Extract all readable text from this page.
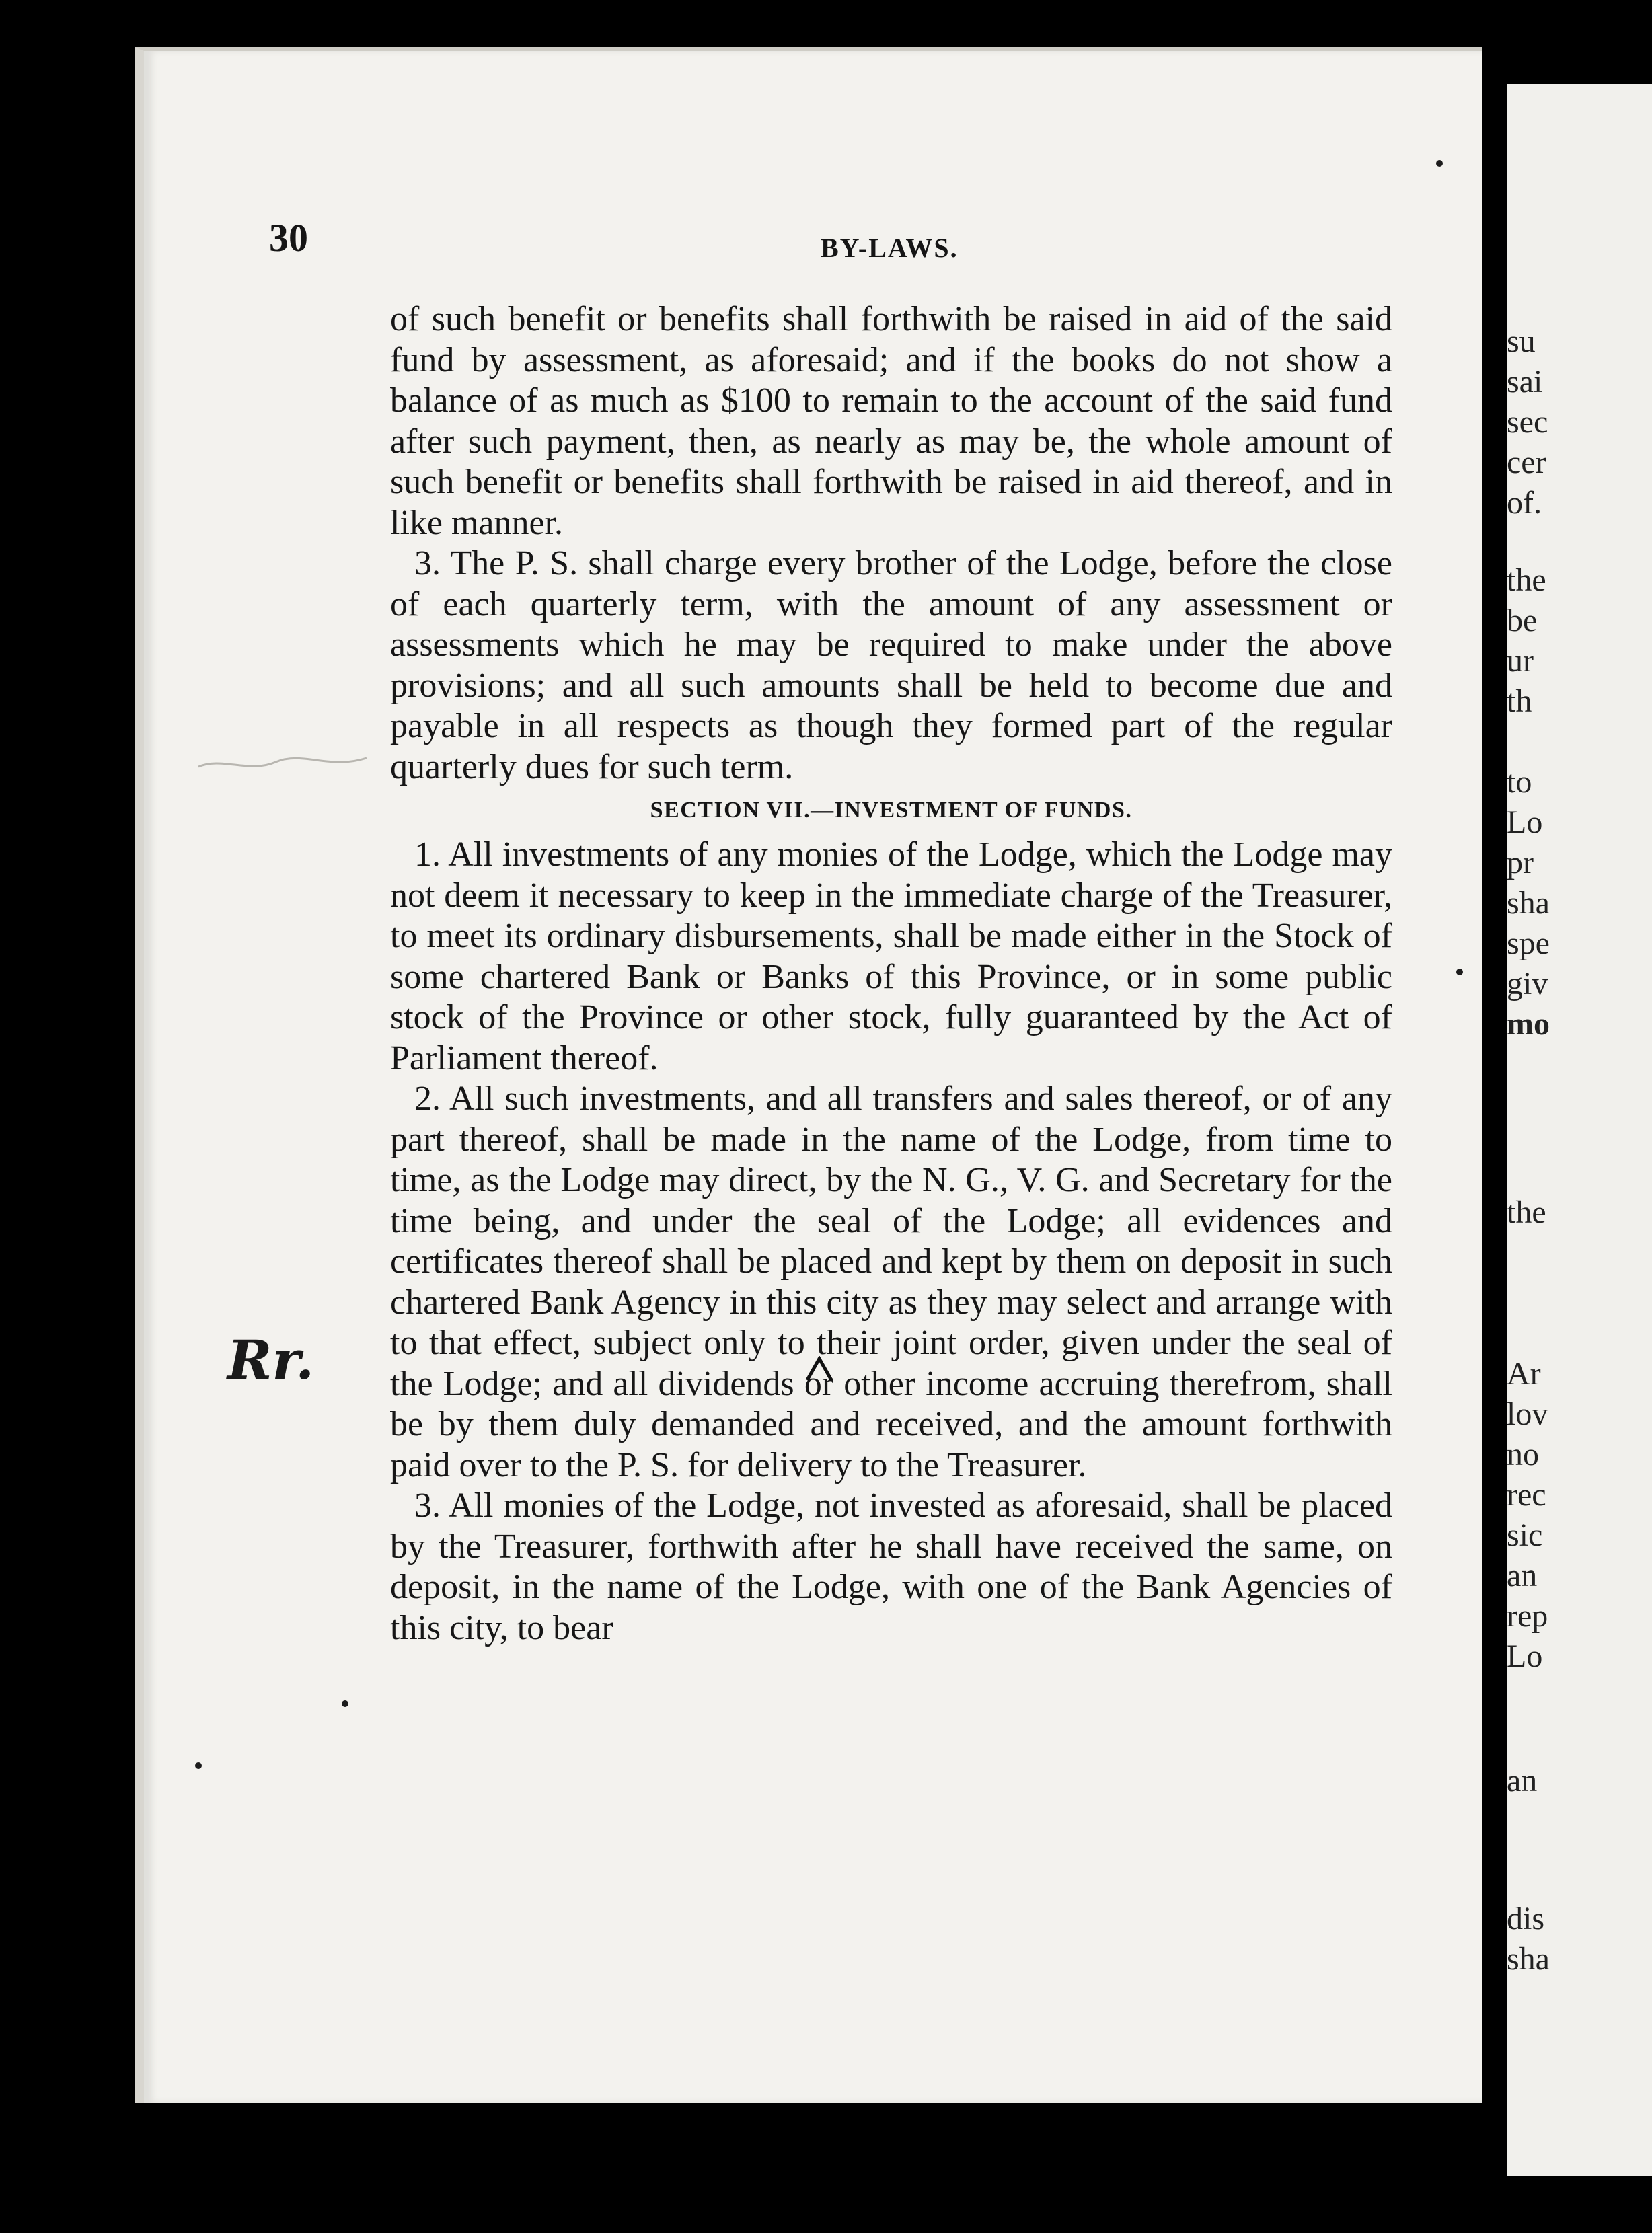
su
sai
sec
cer
of.
the
be
ur
th
to
Lo
pr
sha
spe
giv
mo
the
Ar
lov
no
rec
sic
an
rep
Lo
an
dis
sha
30	BY-LAWS.

of such benefit or benefits shall forthwith be raised in aid of the said fund by assessment, as aforesaid; and if the books do not show a balance of as much as $100 to remain to the account of the said fund after such payment, then, as nearly as may be, the whole amount of such benefit or benefits shall forthwith be raised in aid thereof, and in like manner.

3. The P. S. shall charge every brother of the Lodge, before the close of each quarterly term, with the amount of any assessment or assessments which he may be required to make under the above provisions; and all such amounts shall be held to become due and payable in all respects as though they formed part of the regular quarterly dues for such term.

SECTION VII.—INVESTMENT OF FUNDS.

1. All investments of any monies of the Lodge, which the Lodge may not deem it necessary to keep in the immediate charge of the Treasurer, to meet its ordinary disbursements, shall be made either in the Stock of some chartered Bank or Banks of this Province, or in some public stock of the Province or other stock, fully guaranteed by the Act of Parliament thereof.

2. All such investments, and all transfers and sales thereof, or of any part thereof, shall be made in the name of the Lodge, from time to time, as the Lodge may direct, by the N. G., V. G. and Secretary for the time being, and under the seal of the Lodge; all evidences and certificates thereof shall be placed and kept by them on deposit in such chartered Bank Agency in this city as they may select and arrange with to that effect, subject only to their joint order, given under the seal of the Lodge; and all dividends or other income accruing therefrom, shall be by them duly demanded and received, and the amount forthwith paid over to the P. S. for delivery to the Treasurer.

3. All monies of the Lodge, not invested as aforesaid, shall be placed by the Treasurer, forthwith after he shall have received the same, on deposit, in the name of the Lodge, with one of the Bank Agencies of this city, to bear

Rr.
